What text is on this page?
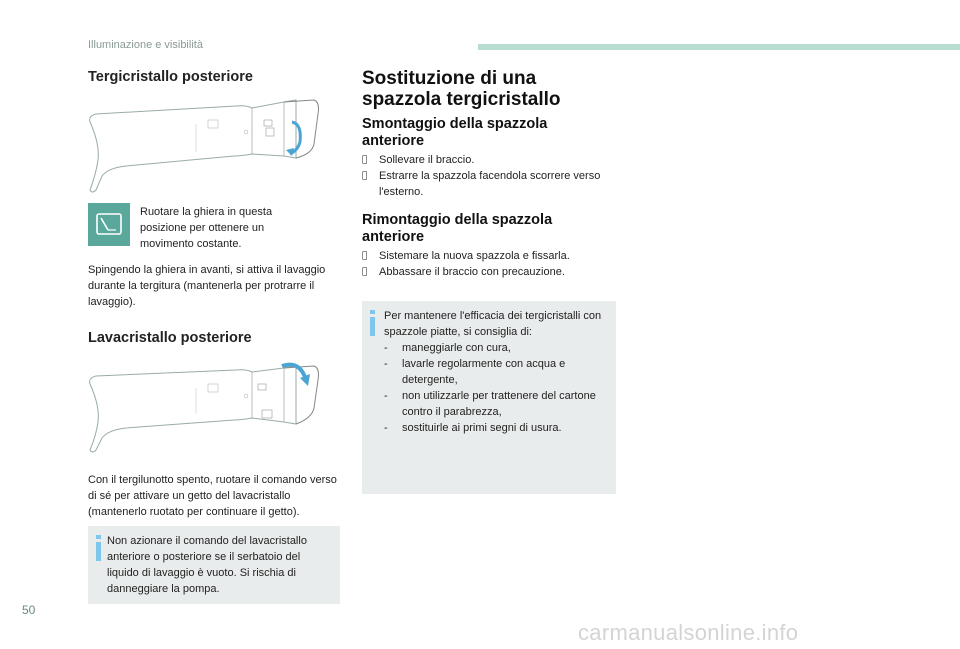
Illuminazione e visibilità
Tergicristallo posteriore
Ruotare la ghiera in questa posizione per ottenere un movimento costante.
Spingendo la ghiera in avanti, si attiva il lavaggio durante la tergitura (mantenerla per protrarre il lavaggio).
Lavacristallo posteriore
Con il tergilunotto spento, ruotare il comando verso di sé per attivare un getto del lavacristallo (mantenerlo ruotato per continuare il getto).
Non azionare il comando del lavacristallo anteriore o posteriore se il serbatoio del liquido di lavaggio è vuoto. Si rischia di danneggiare la pompa.
Sostituzione di una spazzola tergicristallo
Smontaggio della spazzola anteriore
Sollevare il braccio.
Estrarre la spazzola facendola scorrere verso l'esterno.
Rimontaggio della spazzola anteriore
Sistemare la nuova spazzola e fissarla.
Abbassare il braccio con precauzione.
Per mantenere l'efficacia dei tergicristalli con spazzole piatte, si consiglia di:
-	maneggiarle con cura,
-	lavarle regolarmente con acqua e detergente,
-	non utilizzarle per trattenere del cartone contro il parabrezza,
-	sostituirle ai primi segni di usura.
50
carmanualsonline.info
